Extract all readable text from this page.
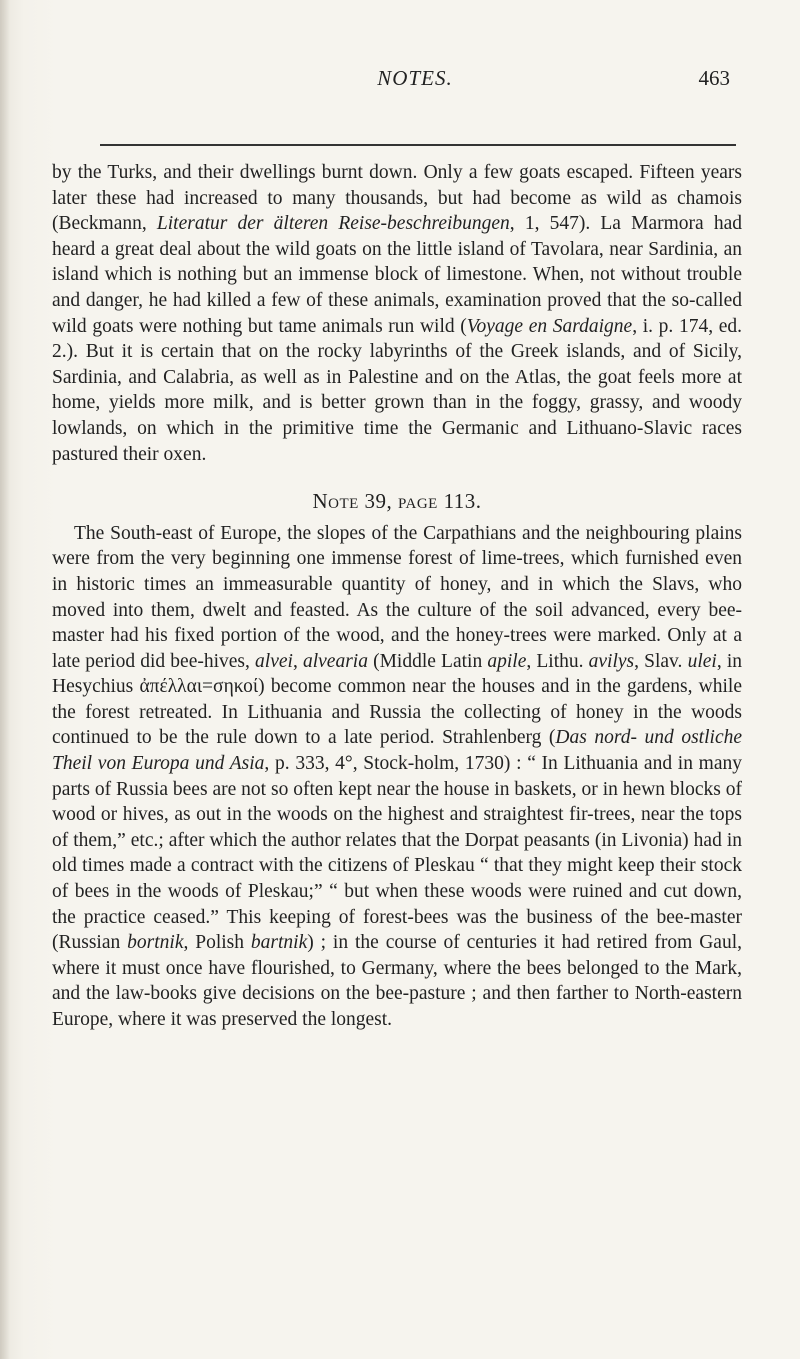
NOTES.	463

by the Turks, and their dwellings burnt down. Only a few goats escaped. Fifteen years later these had increased to many thousands, but had become as wild as chamois (Beckmann, Literatur der älteren Reise-beschreibungen, 1, 547). La Marmora had heard a great deal about the wild goats on the little island of Tavolara, near Sardinia, an island which is nothing but an immense block of limestone. When, not without trouble and danger, he had killed a few of these animals, examination proved that the so-called wild goats were nothing but tame animals run wild (Voyage en Sardaigne, i. p. 174, ed. 2.). But it is certain that on the rocky labyrinths of the Greek islands, and of Sicily, Sardinia, and Calabria, as well as in Palestine and on the Atlas, the goat feels more at home, yields more milk, and is better grown than in the foggy, grassy, and woody lowlands, on which in the primitive time the Germanic and Lithuano-Slavic races pastured their oxen.

Note 39, page 113.

The South-east of Europe, the slopes of the Carpathians and the neighbouring plains were from the very beginning one immense forest of lime-trees, which furnished even in historic times an immeasurable quantity of honey, and in which the Slavs, who moved into them, dwelt and feasted. As the culture of the soil advanced, every bee-master had his fixed portion of the wood, and the honey-trees were marked. Only at a late period did bee-hives, alvei, alvearia (Middle Latin apile, Lithu. avilys, Slav. ulei, in Hesychius ἀπέλλαι=σηκοί) become common near the houses and in the gardens, while the forest retreated. In Lithuania and Russia the collecting of honey in the woods continued to be the rule down to a late period. Strahlenberg (Das nord- und ostliche Theil von Europa und Asia, p. 333, 4°, Stock-holm, 1730) : “ In Lithuania and in many parts of Russia bees are not so often kept near the house in baskets, or in hewn blocks of wood or hives, as out in the woods on the highest and straightest fir-trees, near the tops of them,” etc.; after which the author relates that the Dorpat peasants (in Livonia) had in old times made a contract with the citizens of Pleskau “ that they might keep their stock of bees in the woods of Pleskau;” “ but when these woods were ruined and cut down, the practice ceased.” This keeping of forest-bees was the business of the bee-master (Russian bortnik, Polish bartnik) ; in the course of centuries it had retired from Gaul, where it must once have flourished, to Germany, where the bees belonged to the Mark, and the law-books give decisions on the bee-pasture ; and then farther to North-eastern Europe, where it was preserved the longest.
